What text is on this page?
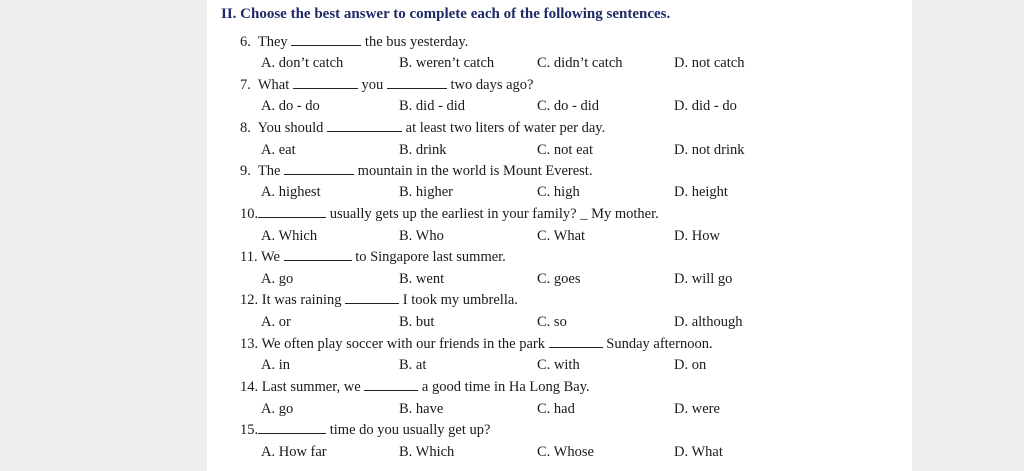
II. Choose the best answer to complete each of the following sentences.
6. They	the bus yesterday.
A. don’t catch	B. weren’t catch	C. didn’t catch	D. not catch
7. What	you	two days ago?
A. do - do	B. did - did	C. do - did	D. did - do
8. You should	at least two liters of water per day.
A. eat	B. drink	C. not eat	D. not drink
9. The	mountain in the world is Mount Everest.
A. highest	B. higher	C. high	D. height
10.	usually gets up the earliest in your family? _ My mother.
A. Which	B. Who	C. What	D. How
11. We	to Singapore last summer.
A. go	B. went	C. goes	D. will go
12. It was raining	I took my umbrella.
A. or	B. but	C. so	D. although
13. We often play soccer with our friends in the park	Sunday afternoon.
A. in	B. at	C. with	D. on
14. Last summer, we	a good time in Ha Long Bay.
A. go	B. have	C. had	D. were
15.	time do you usually get up?
A. How far	B. Which	C. Whose	D. What
